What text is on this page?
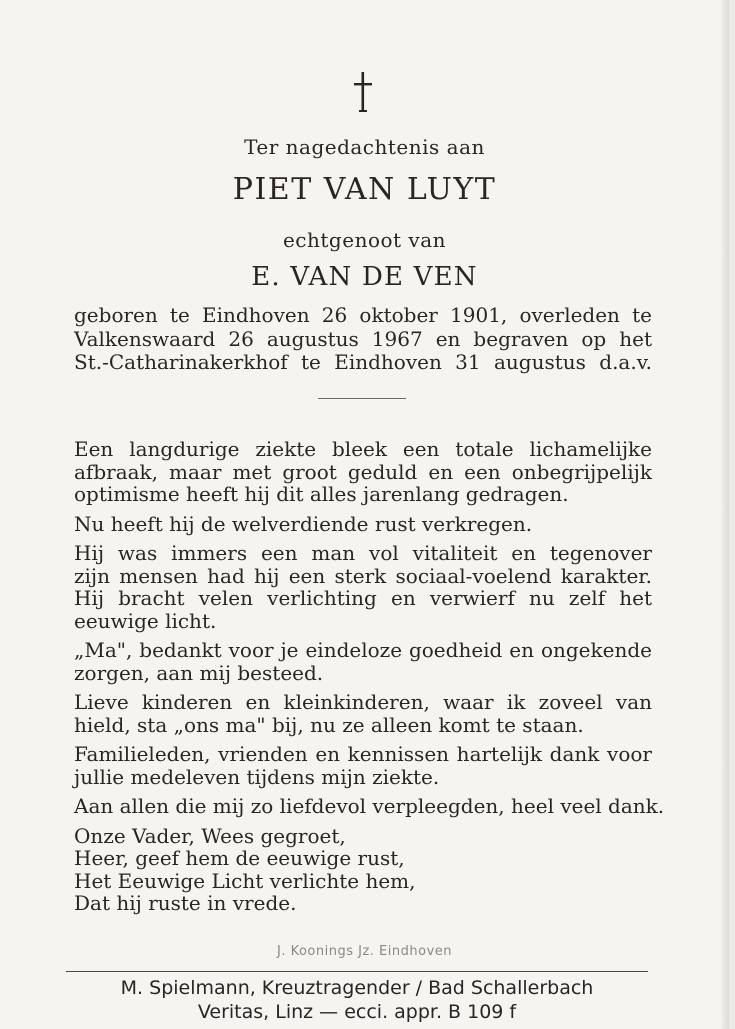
Ter nagedachtenis aan
PIET VAN LUYT
echtgenoot van
E. VAN DE VEN
geboren te Eindhoven 26 oktober 1901, overleden te
Valkenswaard 26 augustus 1967 en begraven op het
St.-Catharinakerkhof te Eindhoven 31 augustus d.a.v.
Een langdurige ziekte bleek een totale lichamelijke
afbraak, maar met groot geduld en een onbegrijpelijk
optimisme heeft hij dit alles jarenlang gedragen.
Nu heeft hij de welverdiende rust verkregen.
Hij was immers een man vol vitaliteit en tegenover
zijn mensen had hij een sterk sociaal-voelend karakter.
Hij bracht velen verlichting en verwierf nu zelf het
eeuwige licht.
„Ma", bedankt voor je eindeloze goedheid en ongekende
zorgen, aan mij besteed.
Lieve kinderen en kleinkinderen, waar ik zoveel van
hield, sta „ons ma" bij, nu ze alleen komt te staan.
Familieleden, vrienden en kennissen hartelijk dank voor
jullie medeleven tijdens mijn ziekte.
Aan allen die mij zo liefdevol verpleegden, heel veel dank.
Onze Vader, Wees gegroet,
Heer, geef hem de eeuwige rust,
Het Eeuwige Licht verlichte hem,
Dat hij ruste in vrede.
J. Koonings Jz. Eindhoven
M. Spielmann, Kreuztragender / Bad Schallerbach
Veritas, Linz — ecci. appr. B 109 f
